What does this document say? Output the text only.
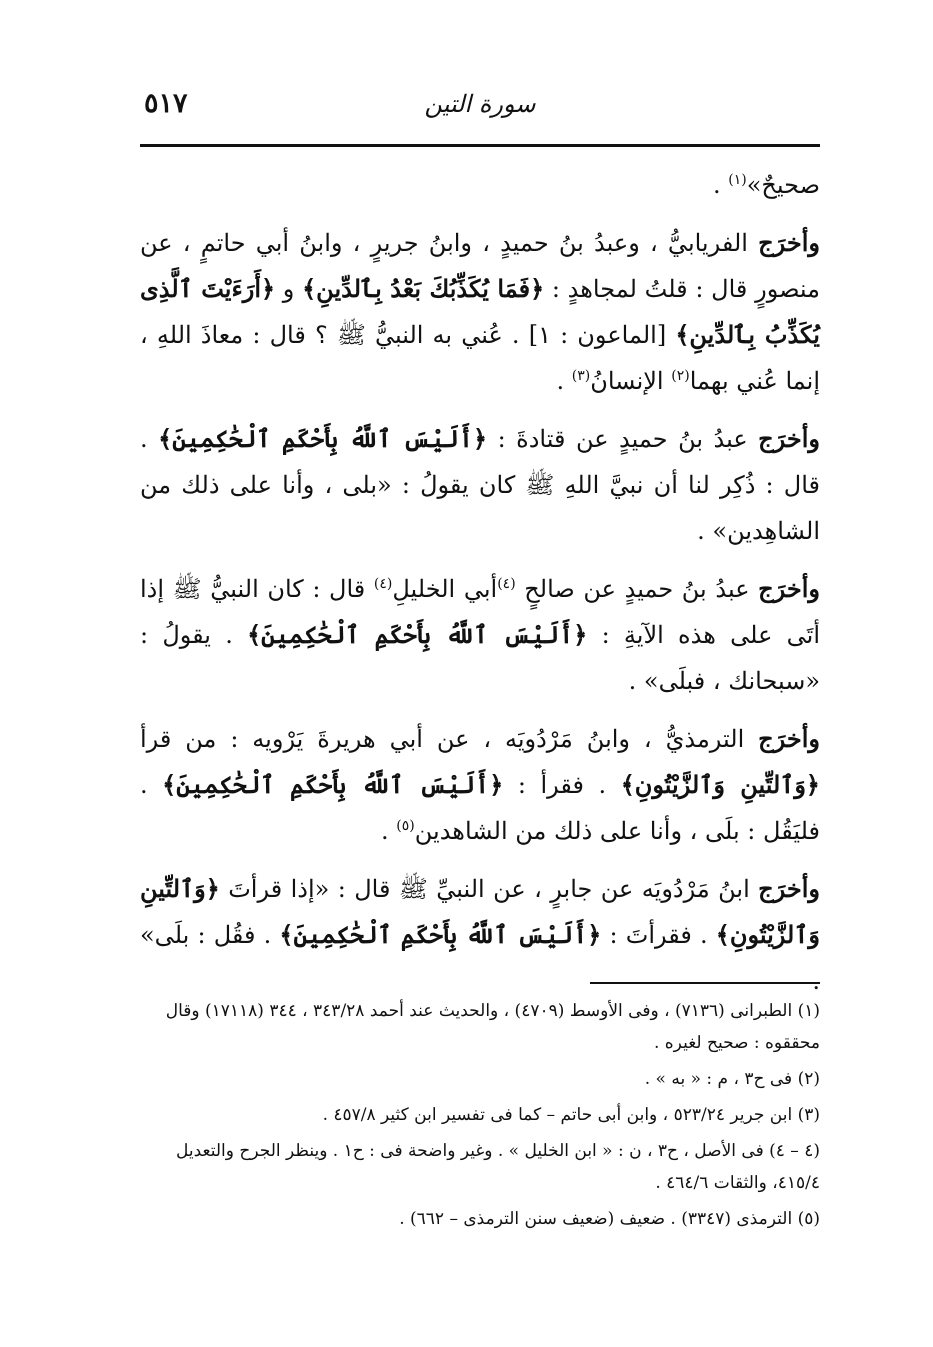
٥١٧	سورة التين

صحيحٌ»$^{(١)}$ .

وأخرَج الفريابيُّ ، وعبدُ بنُ حميدٍ ، وابنُ جريرٍ ، وابنُ أبي حاتمٍ ، عن منصورٍ قال : قلتُ لمجاهدٍ : ﴿فَمَا يُكَذِّبُكَ بَعْدُ بِٱلدِّينِ﴾ و ﴿أَرَءَيْتَ ٱلَّذِى يُكَذِّبُ بِٱلدِّينِ﴾ [الماعون : ١] . عُني به النبيُّ ﷺ ؟ قال : معاذَ اللهِ ، إنما عُني بهما$^{(٢)}$ الإنسانُ$^{(٣)}$ .

وأخرَج عبدُ بنُ حميدٍ عن قتادةَ : ﴿أَلَيْسَ ٱللَّهُ بِأَحْكَمِ ٱلْحَٰكِمِينَ﴾ . قال : ذُكِر لنا أن نبيَّ اللهِ ﷺ كان يقولُ : «بلى ، وأنا على ذلك من الشاهِدين» .

وأخرَج عبدُ بنُ حميدٍ عن صالحٍ $^{(٤)}$أبي الخليلِ$^{(٤)}$ قال : كان النبيُّ ﷺ إذا أتَى على هذه الآيةِ : ﴿أَلَيْسَ ٱللَّهُ بِأَحْكَمِ ٱلْحَٰكِمِينَ﴾ . يقولُ : «سبحانك ، فبلَى» .

وأخرَج الترمذيُّ ، وابنُ مَرْدُويَه ، عن أبي هريرةَ يَرْويه : من قرأ ﴿وَٱلتِّينِ وَٱلزَّيْتُونِ﴾ . فقرأ : ﴿أَلَيْسَ ٱللَّهُ بِأَحْكَمِ ٱلْحَٰكِمِينَ﴾ . فليَقُل : بلَى ، وأنا على ذلك من الشاهدين$^{(٥)}$ .

وأخرَج ابنُ مَرْدُويَه عن جابرٍ ، عن النبيِّ ﷺ قال : «إذا قرأتَ ﴿وَٱلتِّينِ وَٱلزَّيْتُونِ﴾ . فقرأتَ : ﴿أَلَيْسَ ٱللَّهُ بِأَحْكَمِ ٱلْحَٰكِمِينَ﴾ . فقُل : بلَى» .

(١) الطبرانى (٧١٣٦) ، وفى الأوسط (٤٧٠٩) ، والحديث عند أحمد ٣٤٣/٢٨ ، ٣٤٤ (١٧١١٨) وقال محققوه : صحيح لغيره .

(٢) فى ح٣ ، م : « به » .

(٣) ابن جرير ٥٢٣/٢٤ ، وابن أبى حاتم – كما فى تفسير ابن كثير ٤٥٧/٨ .

(٤ – ٤) فى الأصل ، ح٣ ، ن : « ابن الخليل » . وغير واضحة فى : ح١ . وينظر الجرح والتعديل ٤١٥/٤، والثقات ٤٦٤/٦ .

(٥) الترمذى (٣٣٤٧) . ضعيف (ضعيف سنن الترمذى – ٦٦٢) .
